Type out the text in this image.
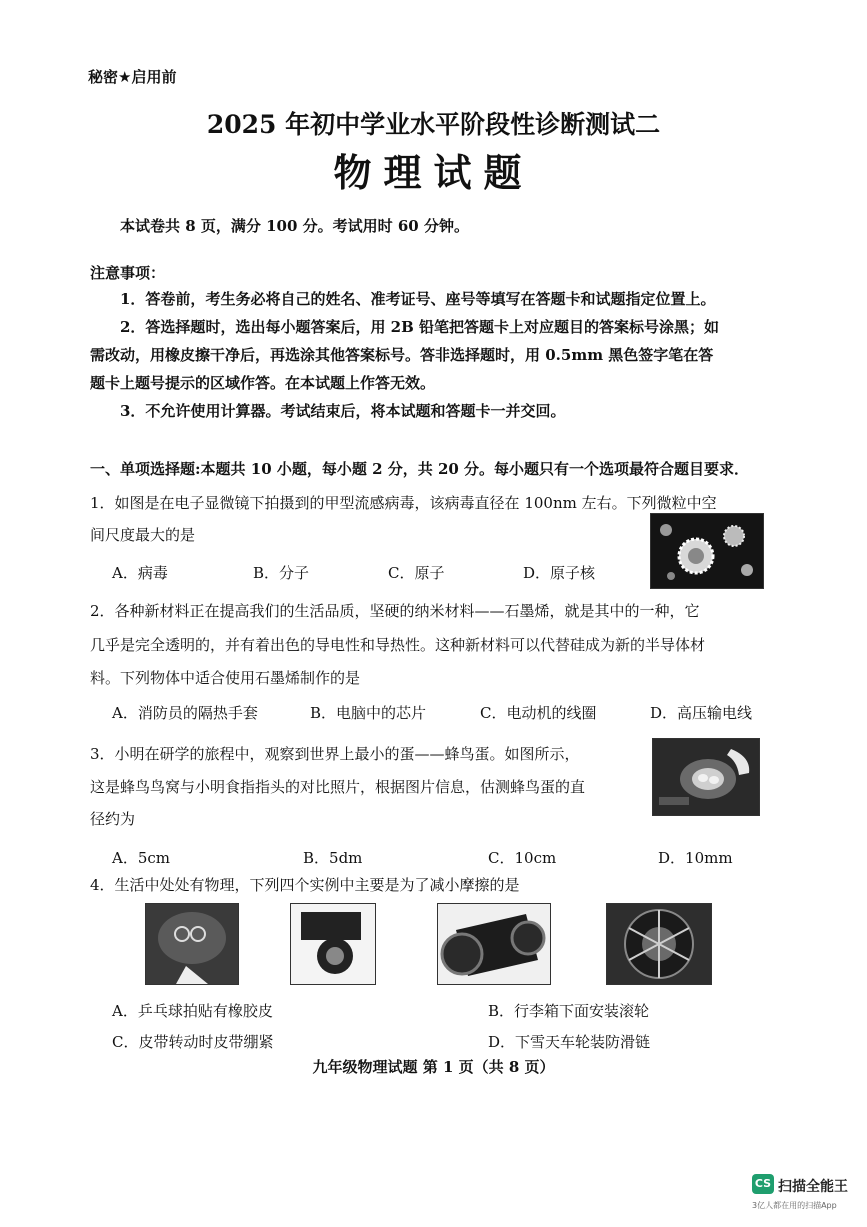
秘密★启用前
2025 年初中学业水平阶段性诊断测试二
物理试题
本试卷共 8 页，满分 100 分。考试用时 60 分钟。
注意事项：
1．答卷前，考生务必将自己的姓名、准考证号、座号等填写在答题卡和试题指定位置上。
2．答选择题时，选出每小题答案后，用 2B 铅笔把答题卡上对应题目的答案标号涂黑；如
需改动，用橡皮擦干净后，再选涂其他答案标号。答非选择题时，用 0.5mm 黑色签字笔在答
题卡上题号提示的区域作答。在本试题上作答无效。
3．不允许使用计算器。考试结束后，将本试题和答题卡一并交回。
一、单项选择题:本题共 10 小题，每小题 2 分，共 20 分。每小题只有一个选项最符合题目要求．
1．如图是在电子显微镜下拍摄到的甲型流感病毒，该病毒直径在 100nm 左右。下列微粒中空
间尺度最大的是
A．病毒	B．分子	C．原子	D．原子核
2．各种新材料正在提高我们的生活品质，坚硬的纳米材料——石墨烯，就是其中的一种，它
几乎是完全透明的，并有着出色的导电性和导热性。这种新材料可以代替硅成为新的半导体材
料。下列物体中适合使用石墨烯制作的是
A．消防员的隔热手套	B．电脑中的芯片	C．电动机的线圈	D．高压输电线
3．小明在研学的旅程中，观察到世界上最小的蛋——蜂鸟蛋。如图所示，
这是蜂鸟鸟窝与小明食指指头的对比照片，根据图片信息，估测蜂鸟蛋的直
径约为
A．5cm	B．5dm	C．10cm	D．10mm
4．生活中处处有物理，下列四个实例中主要是为了减小摩擦的是
A．乒乓球拍贴有橡胶皮	B．行李箱下面安装滚轮
C．皮带转动时皮带绷紧	D．下雪天车轮装防滑链
九年级物理试题 第 1 页（共 8 页）
CS 扫描全能王
3亿人都在用的扫描App
